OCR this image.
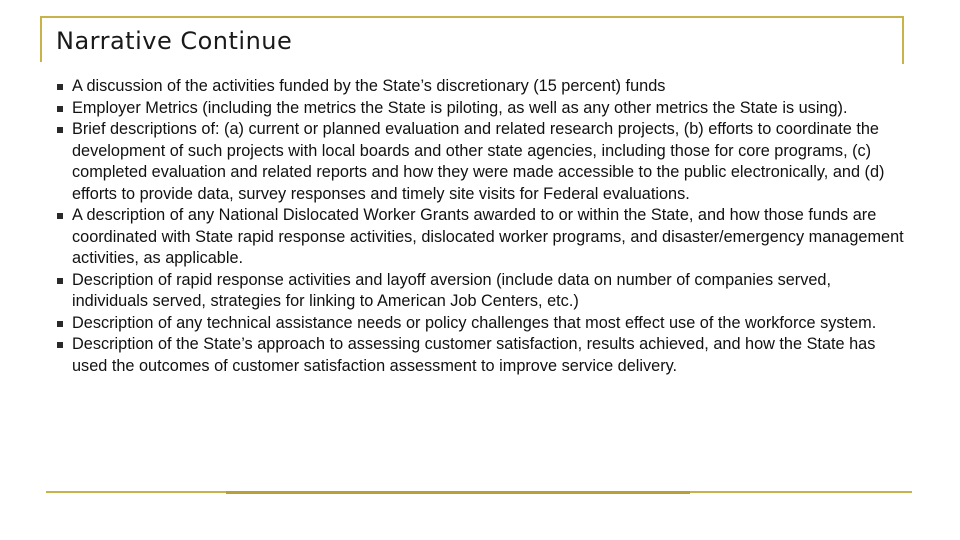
Narrative Continue
A discussion of the activities funded by the State’s discretionary (15 percent) funds
Employer Metrics (including the metrics the State is piloting, as well as any other metrics the State is using).
Brief descriptions of: (a) current or planned evaluation and related research projects, (b) efforts to coordinate the development of such projects with local boards and other state agencies, including those for core programs, (c) completed evaluation and related reports and how they were made accessible to the public electronically, and (d) efforts to provide data, survey responses and timely site visits for Federal evaluations.
A description of any National Dislocated Worker Grants awarded to or within the State, and how those funds are coordinated with State rapid response activities, dislocated worker programs, and disaster/emergency management activities, as applicable.
Description of rapid response activities and layoff aversion (include data on number of companies served, individuals served, strategies for linking to American Job Centers, etc.)
Description of any technical assistance needs or policy challenges that most effect use of the workforce system.
Description of the State’s approach to assessing customer satisfaction, results achieved, and how the State has used the outcomes of customer satisfaction assessment to improve service delivery.
